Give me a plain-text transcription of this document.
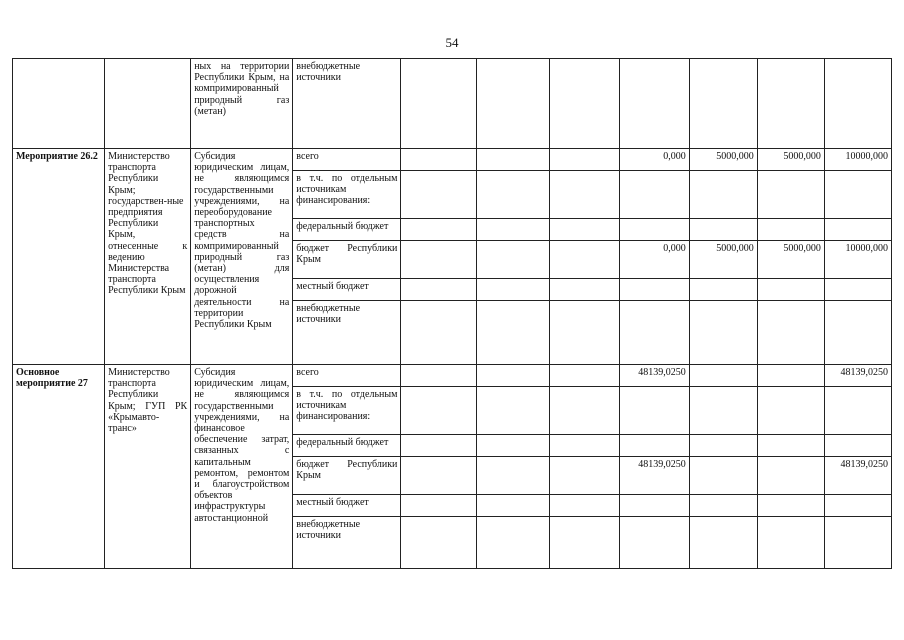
54
		ных на территории Республики Крым, на компримированный природный газ (метан)	внебюджетные источники							
Мероприятие 26.2	Министерство транспорта Республики Крым; государствен-ные предприятия Республики Крым, отнесенные к ведению Министерства транспорта Республики Крым	Субсидия юридическим лицам, не являющимся государственными учреждениями, на переоборудование транспортных средств на компримированный природный газ (метан) для осуществления дорожной деятельности на территории Республики Крым	всего				0,000	5000,000	5000,000	10000,000
			в т.ч. по отдельным источникам финансирования:							
			федеральный бюджет							
			бюджет Республики Крым				0,000	5000,000	5000,000	10000,000
			местный бюджет							
			внебюджетные источники							
Основное мероприятие 27	Министерство транспорта Республики Крым; ГУП РК «Крымавто-транс»	Субсидия юридическим лицам, не являющимся государственными учреждениями, на финансовое обеспечение затрат, связанных с капитальным ремонтом, ремонтом и благоустройством объектов инфраструктуры автостанционной	всего				48139,0250			48139,0250
			в т.ч. по отдельным источникам финансирования:							
			федеральный бюджет							
			бюджет Республики Крым				48139,0250			48139,0250
			местный бюджет							
			внебюджетные источники							
